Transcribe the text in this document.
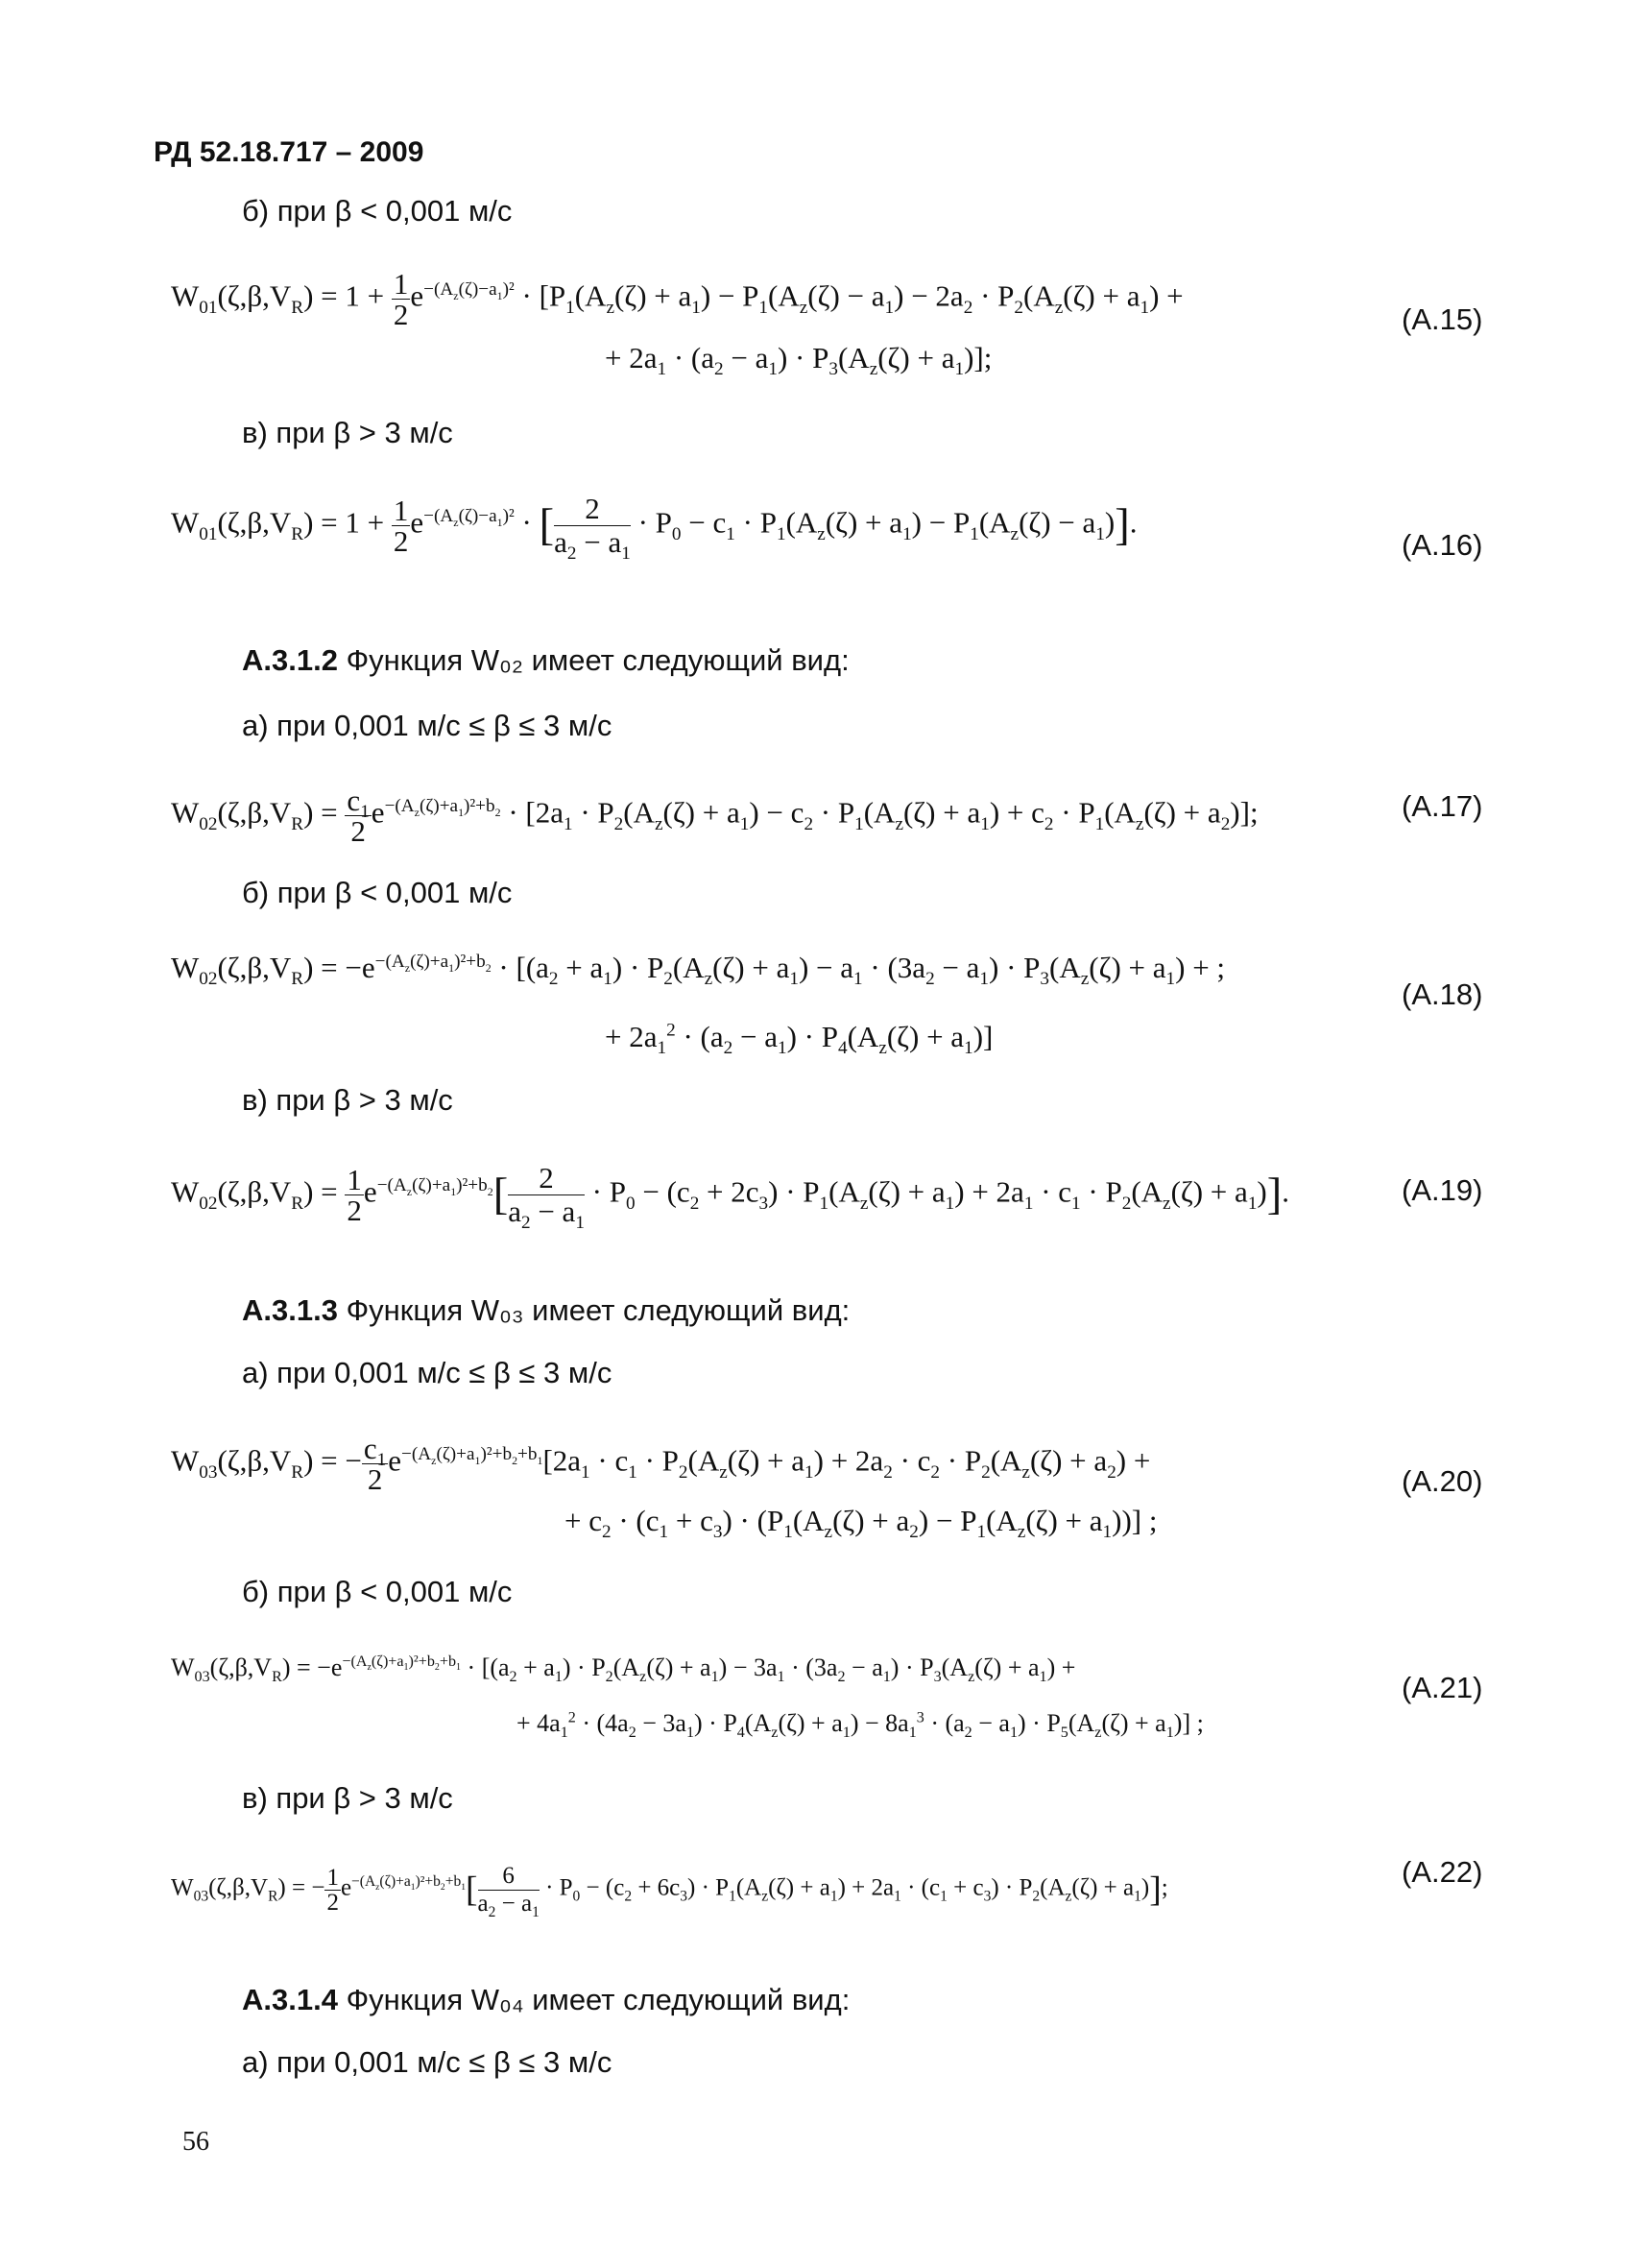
РД 52.18.717 – 2009
б) при β < 0,001 м/с
$W_{01}(\zeta,\beta,V_R) = 1 + \frac{1}{2} e^{-(A_z(\zeta)-a_1)^2} \cdot [P_1(A_z(\zeta) + a_1) - P_1(A_z(\zeta) - a_1) - 2a_2 \cdot P_2(A_z(\zeta) + a_1)$ +
+ $2a_1 \cdot (a_2 - a_1) \cdot P_3(A_z(\zeta) + a_1)$];
(А.15)
в) при β > 3 м/с
$W_{01}(\zeta,\beta,V_R) = 1 + \frac{1}{2} e^{-(A_z(\zeta)-a_1)^2}$ · [ $\frac{2}{a_2 - a_1} \cdot P_0 - c_1 \cdot P_1(A_z(\zeta) + a_1) - P_1(A_z(\zeta) - a_1)$].
(А.16)
А.3.1.2 Функция W₀₂ имеет следующий вид:
а) при 0,001 м/с ≤ β ≤ 3 м/с
$W_{02}(\zeta,\beta,V_R) = \frac{c_1}{2} e^{-(A_z(\zeta)+a_1)^2+b_2} \cdot [2a_1 \cdot P_2(A_z(\zeta) + a_1) - c_2 \cdot P_1(A_z(\zeta) + a_1) + c_2 \cdot P_1(A_z(\zeta) + a_2)]$;	(А.17)
б) при β < 0,001 м/с
$W_{02}(\zeta,\beta,V_R) = -e^{-(A_z(\zeta)+a_1)^2+b_2} \cdot [(a_2 + a_1) \cdot P_2(A_z(\zeta) + a_1) - a_1 \cdot (3a_2 - a_1) \cdot P_3(A_z(\zeta) + a_1)$ + ;
+ $2a_1^2 \cdot (a_2 - a_1) \cdot P_4(A_z(\zeta) + a_1)$]
(А.18)
в) при β > 3 м/с
$W_{02}(\zeta,\beta,V_R) = \frac{1}{2} e^{-(A_z(\zeta)+a_1)^2+b_2}[ \frac{2}{a_2 - a_1} \cdot P_0 - (c_2 + 2c_3) \cdot P_1(A_z(\zeta) + a_1) + 2a_1 \cdot c_1 \cdot P_2(A_z(\zeta) + a_1)]$.	(А.19)
А.3.1.3 Функция W₀₃ имеет следующий вид:
а) при 0,001 м/с ≤ β ≤ 3 м/с
$W_{03}(\zeta,\beta,V_R)$ = − $\frac{c_1}{2} e^{-(A_z(\zeta)+a_1)^2+b_2+b_1}[2a_1 \cdot c_1 \cdot P_2(A_z(\zeta) + a_1) + 2a_2 \cdot c_2 \cdot P_2(A_z(\zeta) + a_2)$ +
+ $c_2 \cdot (c_1 + c_3) \cdot (P_1(A_z(\zeta) + a_2) - P_1(A_z(\zeta) + a_1))$] ;
(А.20)
б) при β < 0,001 м/с
$W_{03}(\zeta,\beta,V_R) = -e^{-(A_z(\zeta)+a_1)^2+b_2+b_1} \cdot [(a_2 + a_1) \cdot P_2(A_z(\zeta) + a_1) - 3a_1 \cdot (3a_2 - a_1) \cdot P_3(A_z(\zeta) + a_1)$ +
+ $4a_1^2 \cdot (4a_2 - 3a_1) \cdot P_4(A_z(\zeta) + a_1) - 8a_1^3 \cdot (a_2 - a_1) \cdot P_5(A_z(\zeta) + a_1)$] ;
(А.21)
в) при β > 3 м/с
$W_{03}(\zeta,\beta,V_R)$ = − $\frac{1}{2} e^{-(A_z(\zeta)+a_1)^2+b_2+b_1}[ \frac{6}{a_2 - a_1} \cdot P_0 - (c_2 + 6c_3) \cdot P_1(A_z(\zeta) + a_1) + 2a_1 \cdot (c_1 + c_3) \cdot P_2(A_z(\zeta) + a_1)]$;	(А.22)
А.3.1.4 Функция W₀₄ имеет следующий вид:
а) при 0,001 м/с ≤ β ≤ 3 м/с
56
